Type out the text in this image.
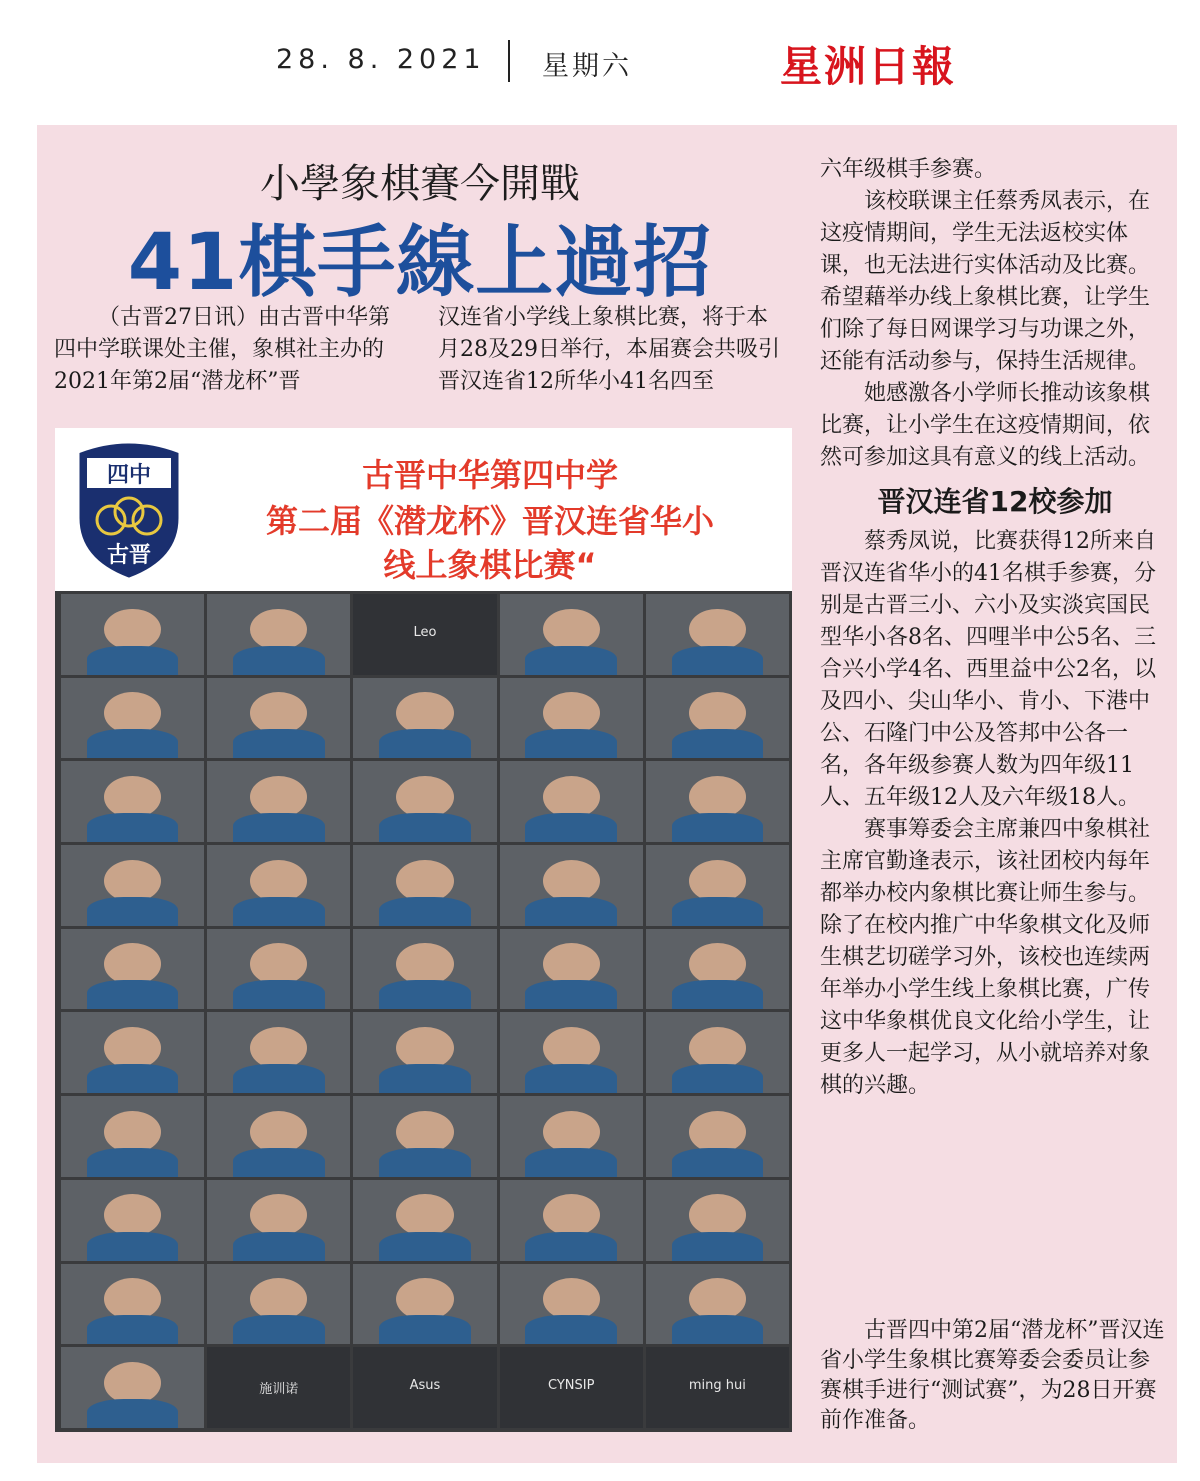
28. 8. 2021 星期六	星洲日報
小學象棋賽今開戰
41棋手線上過招

（古晋27日讯）由古晋中华第四中学联课处主催，象棋社主办的2021年第2届“潜龙杯”晋

汉连省小学线上象棋比赛，将于本月28及29日举行，本届赛会共吸引晋汉连省12所华小41名四至

六年级棋手参赛。

该校联课主任蔡秀凤表示，在这疫情期间，学生无法返校实体课，也无法进行实体活动及比赛。希望藉举办线上象棋比赛，让学生们除了每日网课学习与功课之外，还能有活动参与，保持生活规律。

她感激各小学师长推动该象棋比赛，让小学生在这疫情期间，依然可参加这具有意义的线上活动。

晋汉连省12校参加

蔡秀凤说，比赛获得12所来自晋汉连省华小的41名棋手参赛，分别是古晋三小、六小及实淡宾国民型华小各8名、四哩半中公5名、三合兴小学4名、西里益中公2名，以及四小、尖山华小、肯小、下港中公、石隆门中公及答邦中公各一名，各年级参赛人数为四年级11人、五年级12人及六年级18人。

赛事筹委会主席兼四中象棋社主席官勤逢表示，该社团校内每年都举办校内象棋比赛让师生参与。除了在校内推广中华象棋文化及师生棋艺切磋学习外，该校也连续两年举办小学生线上象棋比赛，广传这中华象棋优良文化给小学生，让更多人一起学习，从小就培养对象棋的兴趣。

四中
古晋
古晋中华第四中学
第二届《潜龙杯》晋汉连省华小
线上象棋比赛“
Leo
施训诺	Asus	CYNSIP	ming hui

古晋四中第2届“潜龙杯”晋汉连省小学生象棋比赛筹委会委员让参赛棋手进行“测试赛”，为28日开赛前作准备。
